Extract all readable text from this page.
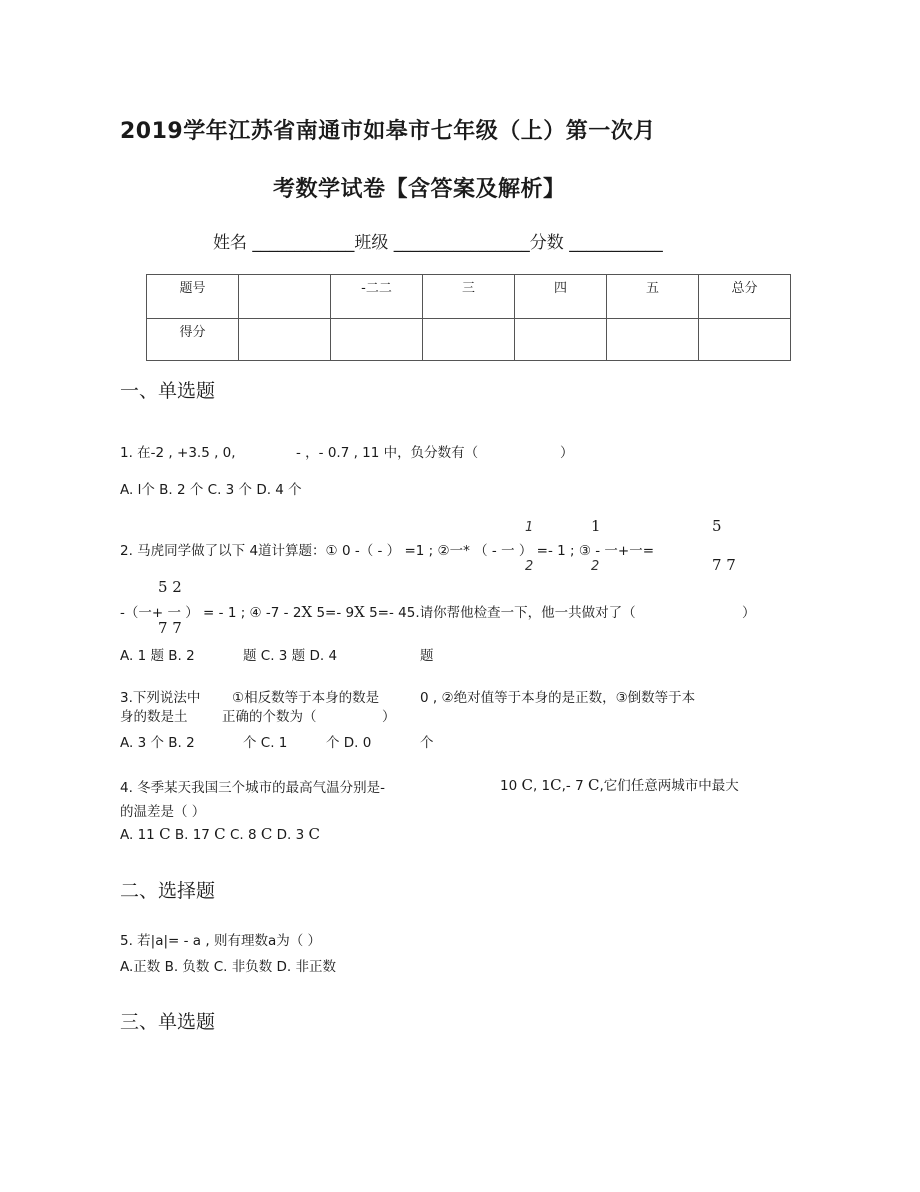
2019学年江苏省南通市如皋市七年级（上）第一次月
考数学试卷【含答案及解析】
姓名 ____________班级 ________________分数 ___________
题号		-二二	三	四	五	总分
得分						
一、单选题
1. 在-2 , +3.5 , 0,	- ，- 0.7 , 11 中，负分数有（	）
A. l个 B. 2 个 C. 3 个 D. 4 个
1	1	5
2. 马虎同学做了以下 4道计算题：① 0 -（ - ） =1 ; ②一* （ - 一 ） =- 1 ; ③ - 一+一=
2	2	7 7
5 2
-（一+ 一 ） = - 1 ; ④ -7 - 2X 5=- 9X 5=- 45.请你帮他检查一下，他一共做对了（	）
7 7
A. 1 题 B. 2	题 C. 3 题 D. 4	题
3.下列说法中 ①相反数等于本身的数是	0 , ②绝对值等于本身的是正数，③倒数等于本
身的数是土	正确的个数为（	）
A. 3 个 B. 2	个 C. 1	个 D. 0	个
4. 冬季某天我国三个城市的最高气温分别是-	10 C, 1C,- 7 C,它们任意两城市中最大
的温差是（ ）
A. 11 C B. 17 C C. 8 C D. 3 C
二、选择题
5. 若|a|= - a , 则有理数a为（ ）
A.正数 B. 负数 C. 非负数 D. 非正数
三、单选题
